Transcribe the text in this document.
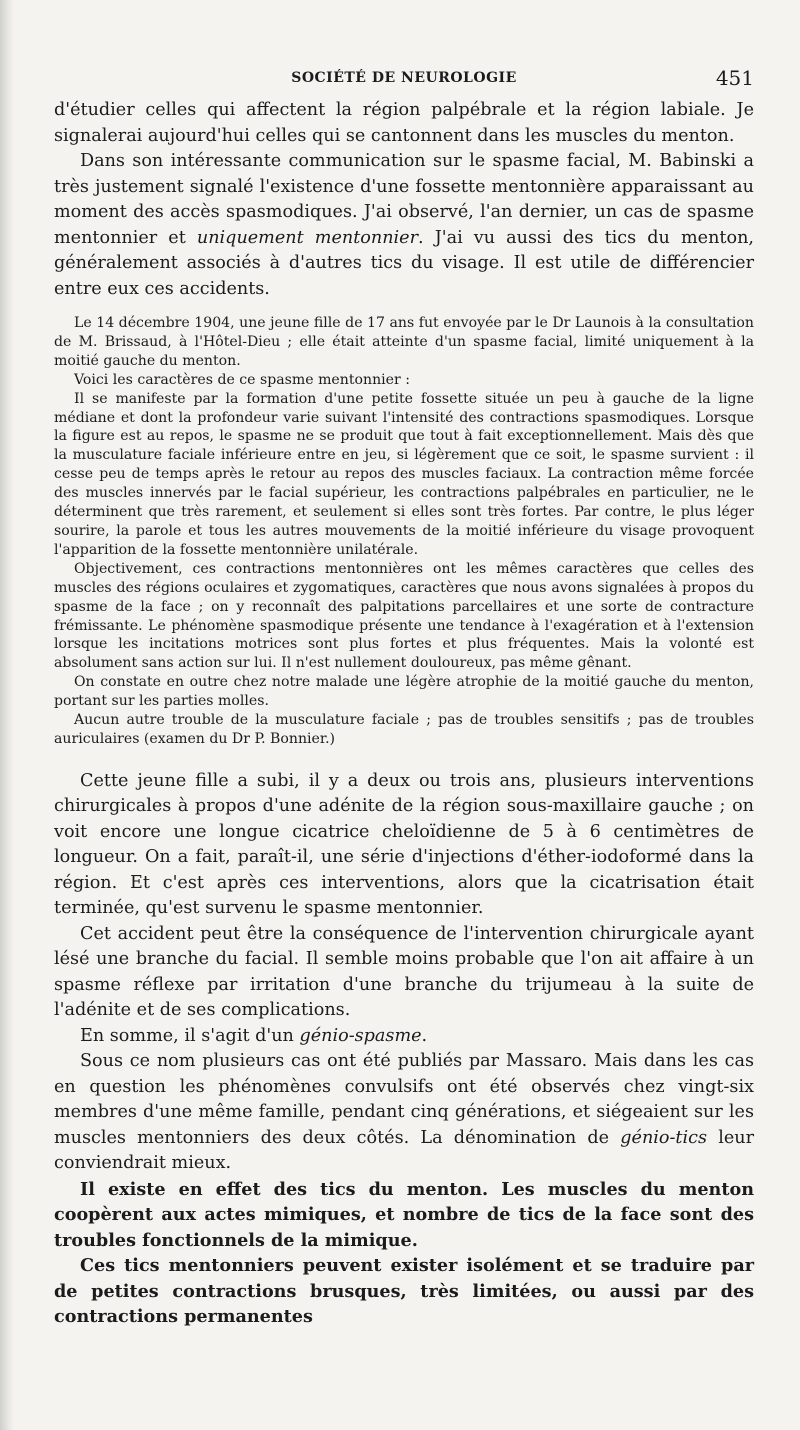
SOCIÉTÉ DE NEUROLOGIE	451

d'étudier celles qui affectent la région palpébrale et la région labiale. Je signalerai aujourd'hui celles qui se cantonnent dans les muscles du menton.

Dans son intéressante communication sur le spasme facial, M. Babinski a très justement signalé l'existence d'une fossette mentonnière apparaissant au moment des accès spasmodiques. J'ai observé, l'an dernier, un cas de spasme mentonnier et uniquement mentonnier. J'ai vu aussi des tics du menton, généralement associés à d'autres tics du visage. Il est utile de différencier entre eux ces accidents.

Le 14 décembre 1904, une jeune fille de 17 ans fut envoyée par le Dr Launois à la consultation de M. Brissaud, à l'Hôtel-Dieu ; elle était atteinte d'un spasme facial, limité uniquement à la moitié gauche du menton.

Voici les caractères de ce spasme mentonnier :

Il se manifeste par la formation d'une petite fossette située un peu à gauche de la ligne médiane et dont la profondeur varie suivant l'intensité des contractions spasmodiques. Lorsque la figure est au repos, le spasme ne se produit que tout à fait exceptionnellement. Mais dès que la musculature faciale inférieure entre en jeu, si légèrement que ce soit, le spasme survient : il cesse peu de temps après le retour au repos des muscles faciaux. La contraction même forcée des muscles innervés par le facial supérieur, les contractions palpébrales en particulier, ne le déterminent que très rarement, et seulement si elles sont très fortes. Par contre, le plus léger sourire, la parole et tous les autres mouvements de la moitié inférieure du visage provoquent l'apparition de la fossette mentonnière unilatérale.

Objectivement, ces contractions mentonnières ont les mêmes caractères que celles des muscles des régions oculaires et zygomatiques, caractères que nous avons signalées à propos du spasme de la face ; on y reconnaît des palpitations parcellaires et une sorte de contracture frémissante. Le phénomène spasmodique présente une tendance à l'exagération et à l'extension lorsque les incitations motrices sont plus fortes et plus fréquentes. Mais la volonté est absolument sans action sur lui. Il n'est nullement douloureux, pas même gênant.

On constate en outre chez notre malade une légère atrophie de la moitié gauche du menton, portant sur les parties molles.

Aucun autre trouble de la musculature faciale ; pas de troubles sensitifs ; pas de troubles auriculaires (examen du Dr P. Bonnier.)

Cette jeune fille a subi, il y a deux ou trois ans, plusieurs interventions chirurgicales à propos d'une adénite de la région sous-maxillaire gauche ; on voit encore une longue cicatrice cheloïdienne de 5 à 6 centimètres de longueur. On a fait, paraît-il, une série d'injections d'éther-iodoformé dans la région. Et c'est après ces interventions, alors que la cicatrisation était terminée, qu'est survenu le spasme mentonnier.

Cet accident peut être la conséquence de l'intervention chirurgicale ayant lésé une branche du facial. Il semble moins probable que l'on ait affaire à un spasme réflexe par irritation d'une branche du trijumeau à la suite de l'adénite et de ses complications.

En somme, il s'agit d'un génio-spasme.

Sous ce nom plusieurs cas ont été publiés par Massaro. Mais dans les cas en question les phénomènes convulsifs ont été observés chez vingt-six membres d'une même famille, pendant cinq générations, et siégeaient sur les muscles mentonniers des deux côtés. La dénomination de génio-tics leur conviendrait mieux.

Il existe en effet des tics du menton. Les muscles du menton coopèrent aux actes mimiques, et nombre de tics de la face sont des troubles fonctionnels de la mimique.

Ces tics mentonniers peuvent exister isolément et se traduire par de petites contractions brusques, très limitées, ou aussi par des contractions permanentes
